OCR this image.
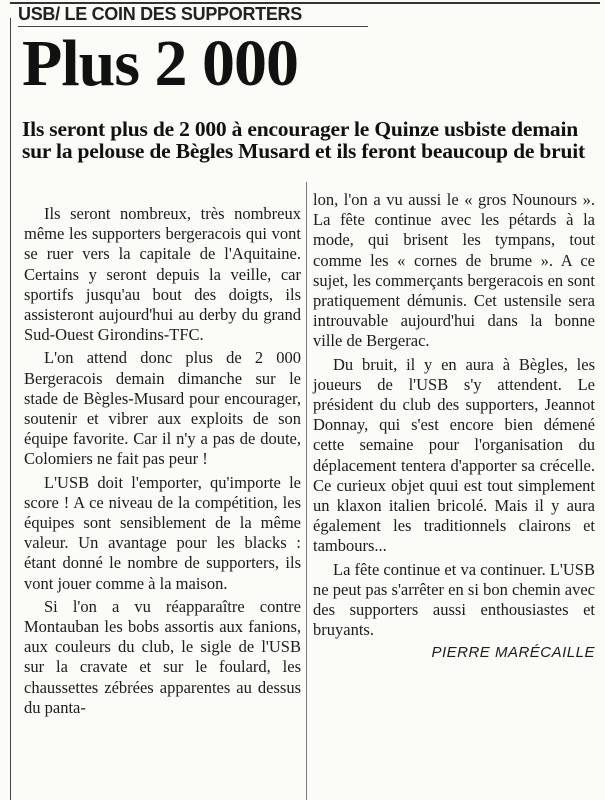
USB/ LE COIN DES SUPPORTERS
Plus 2 000
Ils seront plus de 2 000 à encourager le Quinze usbiste demain sur la pelouse de Bègles Musard et ils feront beaucoup de bruit

Ils seront nombreux, très nombreux même les supporters bergeracois qui vont se ruer vers la capitale de l'Aquitaine. Certains y seront depuis la veille, car sportifs jusqu'au bout des doigts, ils assisteront aujourd'hui au derby du grand Sud-Ouest Girondins-TFC.

L'on attend donc plus de 2 000 Bergeracois demain dimanche sur le stade de Bègles-Musard pour encourager, soutenir et vibrer aux exploits de son équipe favorite. Car il n'y a pas de doute, Colomiers ne fait pas peur !

L'USB doit l'emporter, qu'importe le score ! A ce niveau de la compétition, les équipes sont sensiblement de la même valeur. Un avantage pour les blacks : étant donné le nombre de supporters, ils vont jouer comme à la maison.

Si l'on a vu réapparaître contre Montauban les bobs assortis aux fanions, aux couleurs du club, le sigle de l'USB sur la cravate et sur le foulard, les chaussettes zébrées apparentes au dessus du panta-

lon, l'on a vu aussi le « gros Nounours ». La fête continue avec les pétards à la mode, qui brisent les tympans, tout comme les « cornes de brume ». A ce sujet, les commerçants bergeracois en sont pratiquement démunis. Cet ustensile sera introuvable aujourd'hui dans la bonne ville de Bergerac.

Du bruit, il y en aura à Bègles, les joueurs de l'USB s'y attendent. Le président du club des supporters, Jeannot Donnay, qui s'est encore bien démené cette semaine pour l'organisation du déplacement tentera d'apporter sa crécelle. Ce curieux objet quui est tout simplement un klaxon italien bricolé. Mais il y aura également les traditionnels clairons et tambours...

La fête continue et va continuer. L'USB ne peut pas s'arrêter en si bon chemin avec des supporters aussi enthousiastes et bruyants.

PIERRE MARÉCAILLE
